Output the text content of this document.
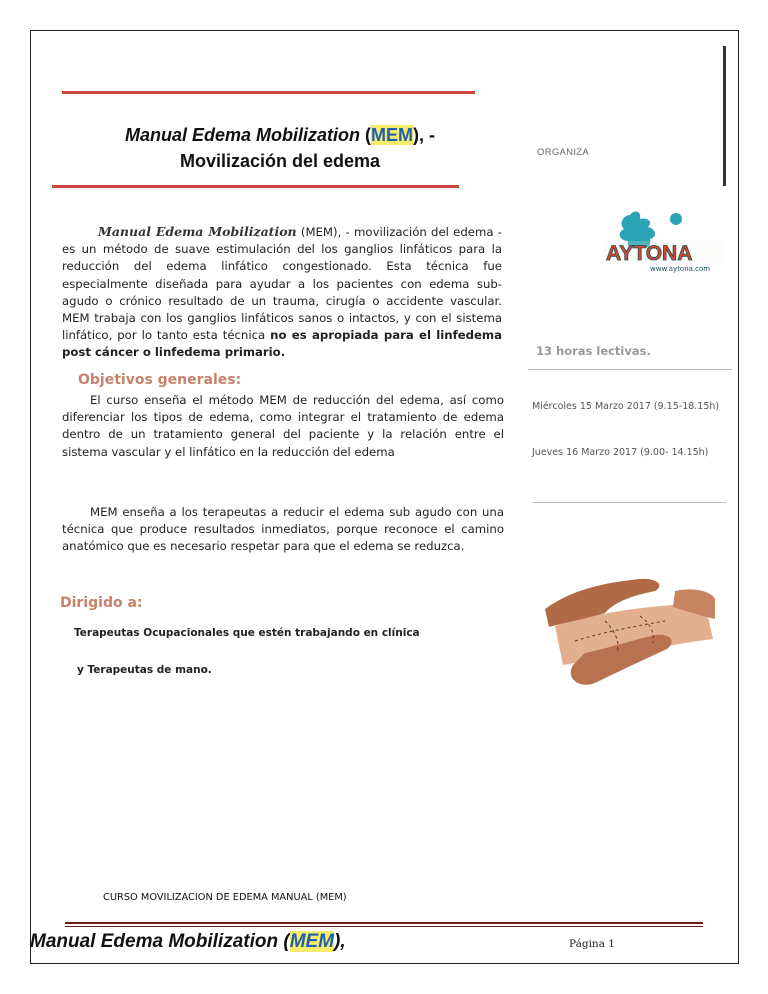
Manual Edema Mobilization (MEM), -
Movilización del edema	ORGANIZA
Manual Edema Mobilization (MEM), - movilización del edema - es un método de suave estimulación del los ganglios linfáticos para la reducción del edema linfático congestionado. Esta técnica fue especialmente diseñada para ayudar a los pacientes con edema sub-agudo o crónico resultado de un trauma, cirugía o accidente vascular. MEM trabaja con los ganglios linfáticos sanos o intactos, y con el sistema linfático, por lo tanto esta técnica no es apropiada para el linfedema post cáncer o linfedema primario.
Objetivos generales:
El curso enseña el método MEM de reducción del edema, así como diferenciar los tipos de edema, como integrar el tratamiento de edema dentro de un tratamiento general del paciente y la relación entre el sistema vascular y el linfático en la reducción del edema
MEM enseña a los terapeutas a reducir el edema sub agudo con una técnica que produce resultados inmediatos, porque reconoce el camino anatómico que es necesario respetar para que el edema se reduzca.
Dirigido a:
Terapeutas Ocupacionales que estén trabajando en clínica
y Terapeutas de mano.
AYTONA
www.aytona.com
13 horas lectivas.
Miércoles 15 Marzo 2017 (9.15-18.15h)
Jueves 16 Marzo 2017 (9.00- 14.15h)
CURSO MOVILIZACION DE EDEMA MANUAL (MEM)
Manual Edema Mobilization (MEM),	Página 1
